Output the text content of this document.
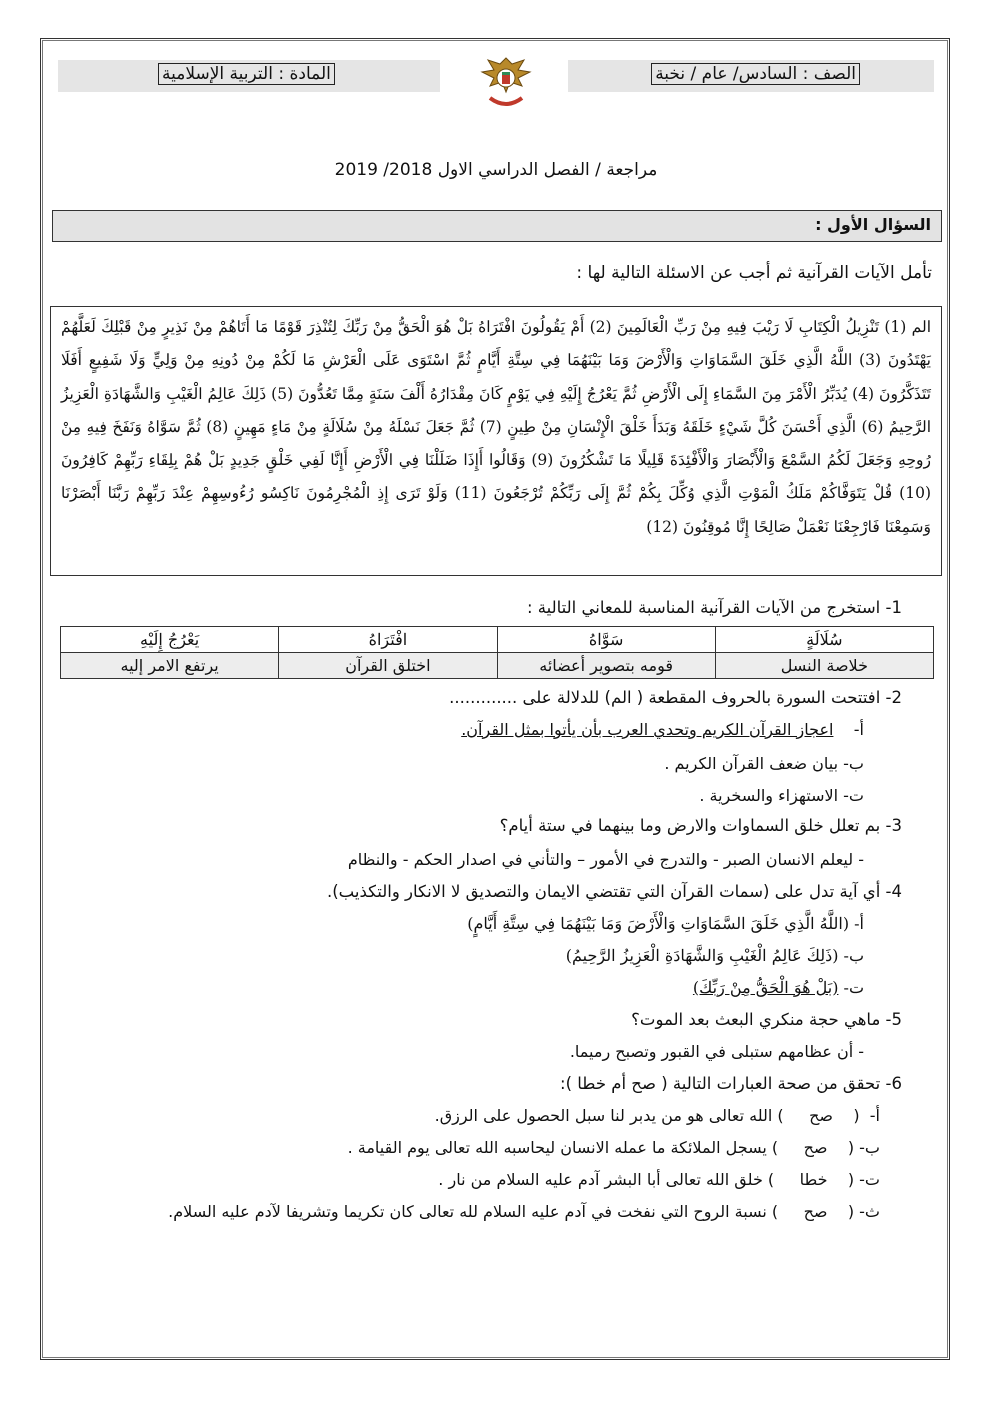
المادة : التربية الإسلامية	الصف : السادس/ عام / نخبة
مراجعة / الفصل الدراسي الاول 2018/ 2019
السؤال الأول :
تأمل الآيات القرآنية ثم أجب عن الاسئلة التالية لها :
الم (1) تَنْزِيلُ الْكِتَابِ لَا رَيْبَ فِيهِ مِنْ رَبِّ الْعَالَمِينَ (2) أَمْ يَقُولُونَ افْتَرَاهُ بَلْ هُوَ الْحَقُّ مِنْ رَبِّكَ لِتُنْذِرَ قَوْمًا مَا أَتَاهُمْ مِنْ نَذِيرٍ مِنْ قَبْلِكَ لَعَلَّهُمْ يَهْتَدُونَ (3) اللَّهُ الَّذِي خَلَقَ السَّمَاوَاتِ وَالْأَرْضَ وَمَا بَيْنَهُمَا فِي سِتَّةِ أَيَّامٍ ثُمَّ اسْتَوَى عَلَى الْعَرْشِ مَا لَكُمْ مِنْ دُونِهِ مِنْ وَلِيٍّ وَلَا شَفِيعٍ أَفَلَا تَتَذَكَّرُونَ (4) يُدَبِّرُ الْأَمْرَ مِنَ السَّمَاءِ إِلَى الْأَرْضِ ثُمَّ يَعْرُجُ إِلَيْهِ فِي يَوْمٍ كَانَ مِقْدَارُهُ أَلْفَ سَنَةٍ مِمَّا تَعُدُّونَ (5) ذَلِكَ عَالِمُ الْغَيْبِ وَالشَّهَادَةِ الْعَزِيزُ الرَّحِيمُ (6) الَّذِي أَحْسَنَ كُلَّ شَيْءٍ خَلَقَهُ وَبَدَأَ خَلْقَ الْإِنْسَانِ مِنْ طِينٍ (7) ثُمَّ جَعَلَ نَسْلَهُ مِنْ سُلَالَةٍ مِنْ مَاءٍ مَهِينٍ (8) ثُمَّ سَوَّاهُ وَنَفَخَ فِيهِ مِنْ رُوحِهِ وَجَعَلَ لَكُمُ السَّمْعَ وَالْأَبْصَارَ وَالْأَفْئِدَةَ قَلِيلًا مَا تَشْكُرُونَ (9) وَقَالُوا أَإِذَا ضَلَلْنَا فِي الْأَرْضِ أَإِنَّا لَفِي خَلْقٍ جَدِيدٍ بَلْ هُمْ بِلِقَاءِ رَبِّهِمْ كَافِرُونَ (10) قُلْ يَتَوَفَّاكُمْ مَلَكُ الْمَوْتِ الَّذِي وُكِّلَ بِكُمْ ثُمَّ إِلَى رَبِّكُمْ تُرْجَعُونَ (11) وَلَوْ تَرَى إِذِ الْمُجْرِمُونَ نَاكِسُو رُءُوسِهِمْ عِنْدَ رَبِّهِمْ رَبَّنَا أَبْصَرْنَا وَسَمِعْنَا فَارْجِعْنَا نَعْمَلْ صَالِحًا إِنَّا مُوقِنُونَ (12)
1- استخرج من الآيات القرآنية المناسبة للمعاني التالية :
سُلَالَةٍ	سَوَّاهُ	افْتَرَاهُ	يَعْرُجُ إِلَيْهِ
خلاصة النسل	قومه بتصوير أعضائه	اختلق القرآن	يرتفع الامر إليه
2- افتتحت السورة بالحروف المقطعة ( الم) للدلالة على .............
أ-    اعجاز القرآن الكريم وتحدي العرب بأن يأتوا بمثل القرآن.
ب- بيان ضعف القرآن الكريم .
ت- الاستهزاء والسخرية .
3- بم تعلل خلق السماوات والارض وما بينهما في ستة أيام؟
- ليعلم الانسان الصبر - والتدرج في الأمور – والتأني في اصدار الحكم - والنظام
4- أي آية تدل على (سمات القرآن التي تقتضي الايمان والتصديق لا الانكار والتكذيب).
أ- (اللَّهُ الَّذِي خَلَقَ السَّمَاوَاتِ وَالْأَرْضَ وَمَا بَيْنَهُمَا فِي سِتَّةِ أَيَّامٍ)
ب- (ذَلِكَ عَالِمُ الْغَيْبِ وَالشَّهَادَةِ الْعَزِيزُ الرَّحِيمُ)
ت- (بَلْ هُوَ الْحَقُّ مِنْ رَبِّكَ)
5- ماهي حجة منكري البعث بعد الموت؟
- أن عظامهم ستبلى في القبور وتصبح رميما.
6- تحقق من صحة العبارات التالية ( صح أم خطا ):
أ-  (    صح     ) الله تعالى هو من يدبر لنا سبل الحصول على الرزق.
ب- (    صح     ) يسجل الملائكة ما عمله الانسان ليحاسبه الله تعالى يوم القيامة .
ت- (    خطا     ) خلق الله تعالى أبا البشر آدم عليه السلام من نار .
ث- (    صح     ) نسبة الروح التي نفخت في آدم عليه السلام لله تعالى كان تكريما وتشريفا لآدم عليه السلام.
